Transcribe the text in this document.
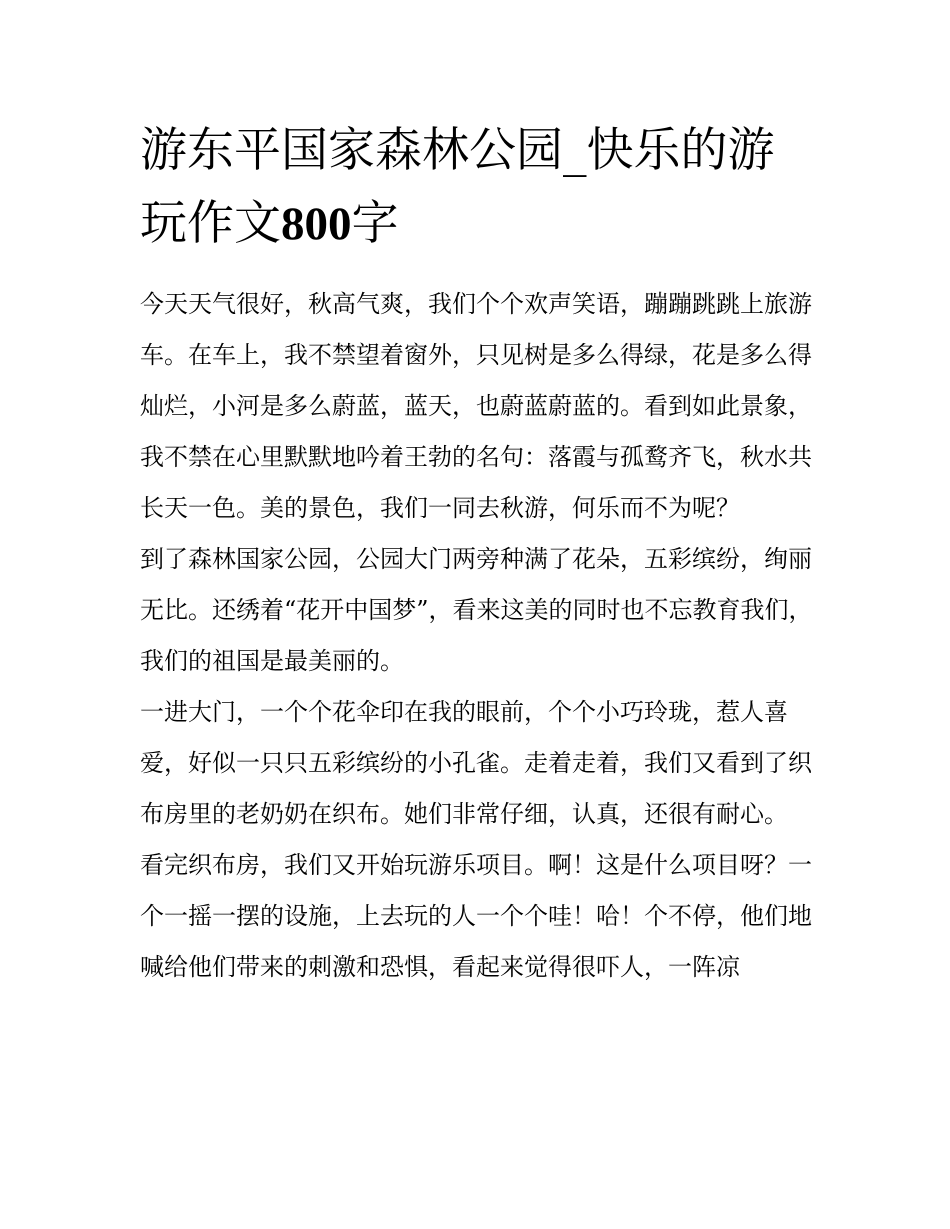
游东平国家森林公园_快乐的游玩作文800字

今天天气很好，秋高气爽，我们个个欢声笑语，蹦蹦跳跳上旅游车。在车上，我不禁望着窗外，只见树是多么得绿，花是多么得灿烂，小河是多么蔚蓝，蓝天，也蔚蓝蔚蓝的。看到如此景象，我不禁在心里默默地吟着王勃的名句：落霞与孤鹜齐飞，秋水共长天一色。美的景色，我们一同去秋游，何乐而不为呢？

到了森林国家公园，公园大门两旁种满了花朵，五彩缤纷，绚丽无比。还绣着“花开中国梦”，看来这美的同时也不忘教育我们，我们的祖国是最美丽的。

一进大门，一个个花伞印在我的眼前，个个小巧玲珑，惹人喜爱，好似一只只五彩缤纷的小孔雀。走着走着，我们又看到了织布房里的老奶奶在织布。她们非常仔细，认真，还很有耐心。

看完织布房，我们又开始玩游乐项目。啊！这是什么项目呀？一个一摇一摆的设施，上去玩的人一个个哇！哈！个不停，他们地喊给他们带来的刺激和恐惧，看起来觉得很吓人，一阵凉
